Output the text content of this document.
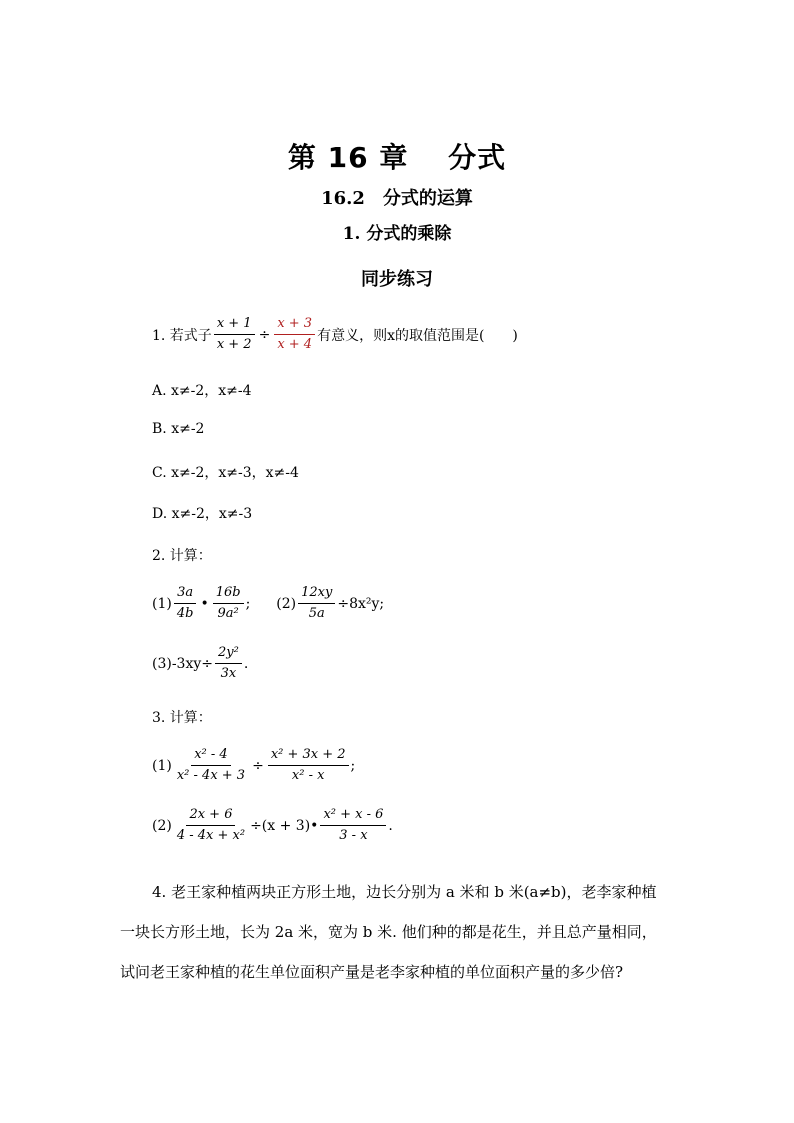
第 16 章　 分式
16.2　分式的运算
1. 分式的乘除
同步练习
1. 若式子 $\frac{x + 1}{x + 2} \div \frac{x + 3}{x + 4}$ 有意义，则x的取值范围是(　　)
A. x≠-2，x≠-4
B. x≠-2
C. x≠-2，x≠-3，x≠-4
D. x≠-2，x≠-3
2. 计算：
$(1) \frac{3a}{4b}$ • $\frac{16b}{\text{9a²}}$ ; $(2) \frac{12xy}{5a} \div 8x^2y$;
$(3)-3xy\div \frac{\text{2y²}}{3x}$ .
3. 计算：
$(1) \frac{\text{x² - 4}}{\text{x² - 4x + 3}} \div \frac{\text{x² + 3x + 2}}{\text{x² - x}}$ ;
$(2) \frac{2x + 6}{\text{4 - 4x + x²}} \div(x$ + 3)• $\frac{\text{x² + x - 6}}{3 - x}$ .

4. 老王家种植两块正方形土地，边长分别为 a 米和 b 米(a≠b)，老李家种植

一块长方形土地，长为 2a 米，宽为 b 米. 他们种的都是花生，并且总产量相同，

试问老王家种植的花生单位面积产量是老李家种植的单位面积产量的多少倍?
